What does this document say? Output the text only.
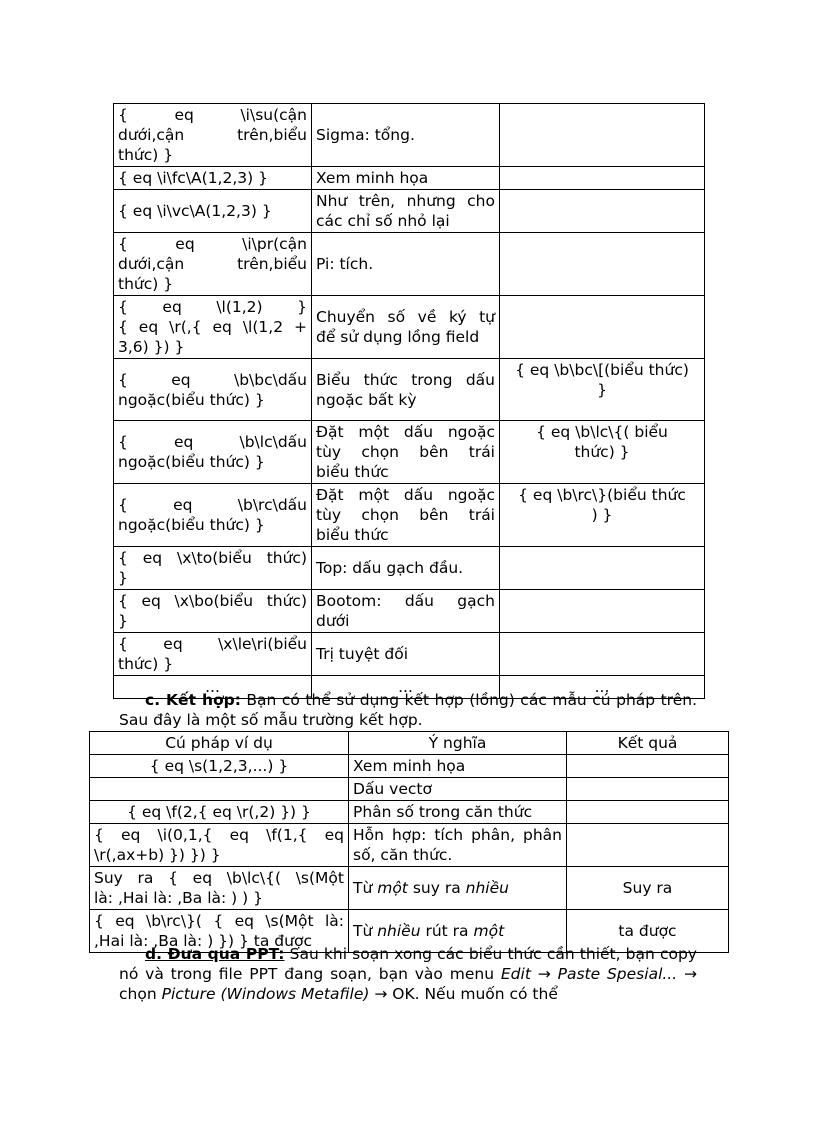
{ eq \i\su(cận
dưới,cận trên,biểu
thức) }	Sigma: tổng.	

{ eq \i\fc\A(1,2,3) }	Xem minh họa	

{ eq \i\vc\A(1,2,3) }	Như trên, nhưng cho
các chỉ số nhỏ lại	

{ eq \i\pr(cận
dưới,cận trên,biểu
thức) }	Pi: tích.	

{ eq \l(1,2) }
{ eq \r(,{ eq \l(1,2 +
3,6) }) }	Chuyển số về ký tự
để sử dụng lồng field	

{ eq \b\bc\dấu
ngoặc(biểu thức) }	Biểu thức trong dấu
ngoặc bất kỳ	{ eq \b\bc\[(biểu thức)
}

{ eq \b\lc\dấu
ngoặc(biểu thức) }	Đặt một dấu ngoặc
tùy chọn bên trái
biểu thức	{ eq \b\lc\{( biểu
thức) }

{ eq \b\rc\dấu
ngoặc(biểu thức) }	Đặt một dấu ngoặc
tùy chọn bên trái
biểu thức	{ eq \b\rc\}(biểu thức
) }

{ eq \x\to(biểu thức)
}	Top: dấu gạch đầu.	

{ eq \x\bo(biểu thức)
}	Bootom: dấu gạch
dưới	

{ eq \x\le\ri(biểu
thức) }	Trị tuyệt đối	

...	...	...
c. Kết hợp: Bạn có thể sử dụng kết hợp (lồng) các mẫu cú pháp trên. Sau đây là một số mẫu trường kết hợp.
Cú pháp ví dụ	Ý nghĩa	Kết quả

{ eq \s(1,2,3,...) }	Xem minh họa	

	Dấu vectơ	

{ eq \f(2,{ eq \r(,2) }) }	Phân số trong căn thức	

{ eq \i(0,1,{ eq \f(1,{ eq
\r(,ax+b) }) }) }	Hỗn hợp: tích phân, phân số, căn thức.	

Suy ra { eq \b\lc\{( \s(Một
là: ,Hai là: ,Ba là: ) ) }	Từ một suy ra nhiều	Suy ra

{ eq \b\rc\}( { eq \s(Một là:
,Hai là: ,Ba là: ) }) } ta được	Từ nhiều rút ra một	ta được
d. Đưa qua PPT: Sau khi soạn xong các biểu thức cần thiết, bạn copy nó và trong file PPT đang soạn, bạn vào menu Edit → Paste Spesial... → chọn Picture (Windows Metafile) → OK. Nếu muốn có thể
